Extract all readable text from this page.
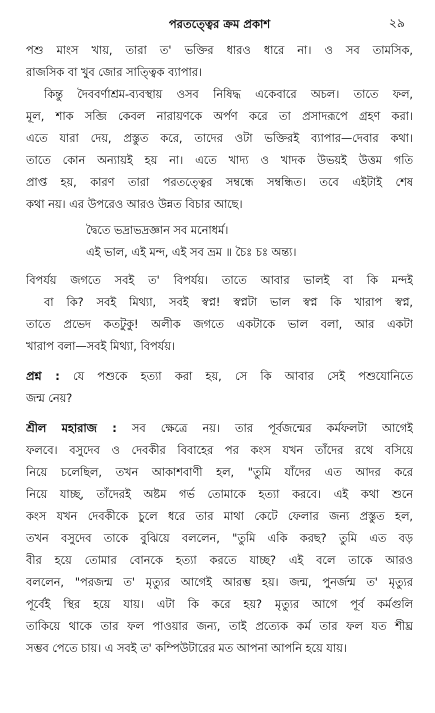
পরতত্ত্বের ক্রম প্রকাশ	২৯
পশু মাংস খায়, তারা ত' ভক্তির ধারও ধারে না। ও সব তামসিক,
রাজসিক বা খুব জোর সাত্ত্বিক ব্যাপার।
কিন্তু দৈববর্ণাশ্রম-ব্যবস্থায় ওসব নিষিদ্ধ একেবারে অচল। তাতে ফল,
মূল, শাক সব্জি কেবল নারায়ণকে অর্পণ করে তা প্রসাদরূপে গ্রহণ করা।
এতে যারা দেয়, প্রস্তুত করে, তাদের ওটা ভক্তিরই ব্যাপার—দেবার কথা।
তাতে কোন অন্যায়ই হয় না। এতে খাদ্য ও খাদক উভয়ই উত্তম গতি
প্রাপ্ত হয়, কারণ তারা পরতত্ত্বের সম্বন্ধে সম্বন্ধিত। তবে এইটাই শেষ
কথা নয়। এর উপরেও আরও উন্নত বিচার আছে।
দ্বৈতে ভদ্রাভদ্রজ্ঞান সব মনোধর্ম।
এই ভাল, এই মন্দ, এই সব ভ্রম ॥ চৈঃ চঃ অন্ত্য।
বিপর্যয় জগতে সবই ত' বিপর্যয়। তাতে আবার ভালই বা কি মন্দই
বা কি? সবই মিথ্যা, সবই স্বপ্ন! স্বপ্নটা ভাল স্বপ্ন কি খারাপ স্বপ্ন,
তাতে প্রভেদ কতটুকু! অলীক জগতে একটাকে ভাল বলা, আর একটা
খারাপ বলা—সবই মিথ্যা, বিপর্যয়।
প্রশ্ন : যে পশুকে হত্যা করা হয়, সে কি আবার সেই পশুযোনিতে
জন্ম নেয়?
শ্রীল মহারাজ : সব ক্ষেত্রে নয়। তার পূর্বজন্মের কর্মফলটা আগেই
ফলবে। বসুদেব ও দেবকীর বিবাহের পর কংস যখন তাঁদের রথে বসিয়ে
নিয়ে চলেছিল, তখন আকাশবাণী হল, "তুমি যাঁদের এত আদর করে
নিয়ে যাচ্ছ, তাঁদেরই অষ্টম গর্ভ তোমাকে হত্যা করবে। এই কথা শুনে
কংস যখন দেবকীকে চুলে ধরে তার মাথা কেটে ফেলার জন্য প্রস্তুত হল,
তখন বসুদেব তাকে বুঝিয়ে বললেন, "তুমি একি করছ? তুমি এত বড়
বীর হয়ে তোমার বোনকে হত্যা করতে যাচ্ছ? এই বলে তাকে আরও
বললেন, "পরজন্ম ত' মৃত্যুর আগেই আরম্ভ হয়। জন্ম, পুনর্জন্ম ত' মৃত্যুর
পূর্বেই স্থির হয়ে যায়। এটা কি করে হয়? মৃত্যুর আগে পূর্ব কর্মগুলি
তাকিয়ে থাকে তার ফল পাওয়ার জন্য, তাই প্রত্যেক কর্ম তার ফল যত শীঘ্র
সম্ভব পেতে চায়। এ সবই ত' কম্পিউটারের মত আপনা আপনি হয়ে যায়।
